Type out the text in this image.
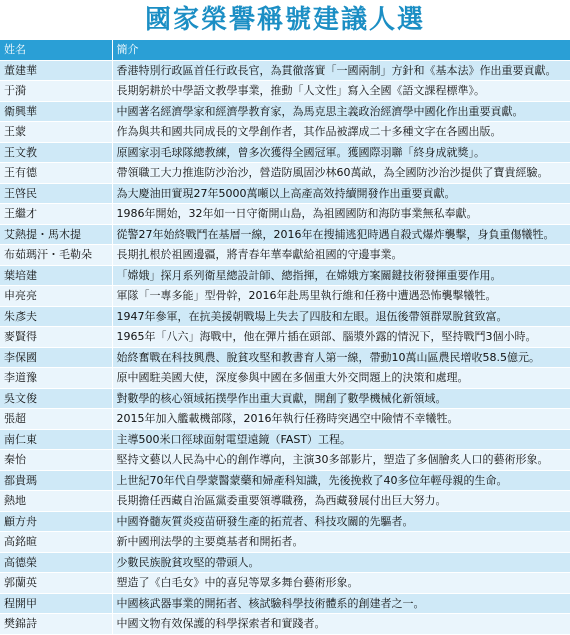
國家榮譽稱號建議人選
姓名	簡介
董建華	香港特別行政區首任行政長官，為貫徹落實「一國兩制」方針和《基本法》作出重要貢獻。
于漪	長期躬耕於中學語文教學事業，推動「人文性」寫入全國《語文課程標準》。
衛興華	中國著名經濟學家和經濟學教育家，為馬克思主義政治經濟學中國化作出重要貢獻。
王蒙	作為與共和國共同成長的文學創作者，其作品被譯成二十多種文字在各國出版。
王文教	原國家羽毛球隊總教練，曾多次獲得全國冠軍。獲國際羽聯「終身成就獎」。
王有德	帶領職工大力推進防沙治沙，營造防風固沙林60萬畝，為全國防沙治沙提供了寶貴經驗。
王啓民	為大慶油田實現27年5000萬噸以上高產高效持續開發作出重要貢獻。
王繼才	1986年開始，32年如一日守衛開山島，為祖國國防和海防事業無私奉獻。
艾熱提・馬木提	從警27年始終戰鬥在基層一線，2016年在搜捕逃犯時遇自殺式爆炸襲擊，身負重傷犧牲。
布茹瑪汗・毛勒朵	長期扎根於祖國邊疆，將青春年華奉獻給祖國的守邊事業。
葉培建	「嫦娥」探月系列衛星總設計師、總指揮，在嫦娥方案關鍵技術發揮重要作用。
申亮亮	軍隊「一專多能」型骨幹，2016年赴馬里執行維和任務中遭遇恐怖襲擊犧牲。
朱彥夫	1947年參軍，在抗美援朝戰場上失去了四肢和左眼。退伍後帶領群眾脫貧致富。
麥賢得	1965年「八六」海戰中，他在彈片插在頭部、腦漿外露的情況下，堅持戰鬥3個小時。
李保國	始終奮戰在科技興農、脫貧攻堅和教書育人第一線，帶動10萬山區農民增收58.5億元。
李道豫	原中國駐美國大使，深度參與中國在多個重大外交問題上的決策和處理。
吳文俊	對數學的核心領域拓撲學作出重大貢獻，開創了數學機械化新領域。
張超	2015年加入艦載機部隊，2016年執行任務時突遇空中險情不幸犧牲。
南仁東	主導500米口徑球面射電望遠鏡（FAST）工程。
秦怡	堅持文藝以人民為中心的創作導向，主演30多部影片，塑造了多個膾炙人口的藝術形象。
都貴瑪	上世紀70年代自學蒙醫蒙藥和婦產科知識，先後挽救了40多位年輕母親的生命。
熱地	長期擔任西藏自治區黨委重要領導職務，為西藏發展付出巨大努力。
顧方舟	中國脊髓灰質炎疫苗研發生產的拓荒者、科技攻關的先驅者。
高銘暄	新中國刑法學的主要奠基者和開拓者。
高德榮	少數民族脫貧攻堅的帶頭人。
郭蘭英	塑造了《白毛女》中的喜兒等眾多舞台藝術形象。
程開甲	中國核武器事業的開拓者、核試驗科學技術體系的創建者之一。
樊錦詩	中國文物有效保護的科學探索者和實踐者。
